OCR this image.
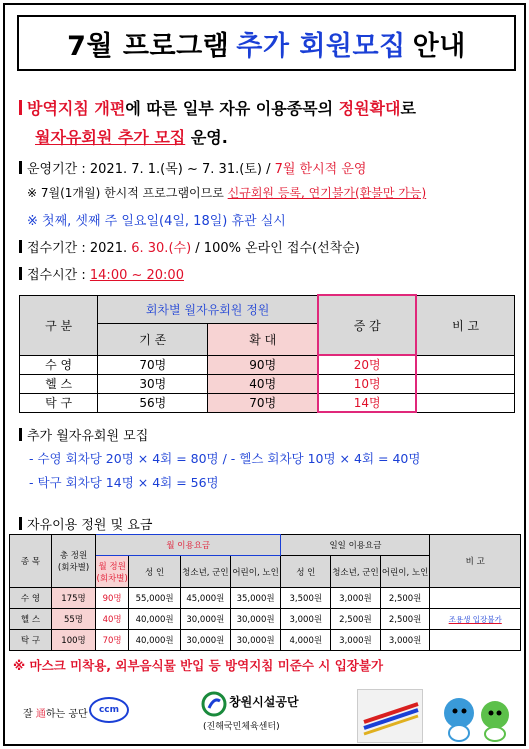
7월 프로그램 추가 회원모집 안내
방역지침 개편에 따른 일부 자유 이용종목의 정원확대로
월자유회원 추가 모집 운영.
운영기간 : 2021. 7. 1.(목) ~ 7. 31.(토) / 7월 한시적 운영
※ 7월(1개월) 한시적 프로그램이므로 신규회원 등록, 연기불가(환불만 가능)
※ 첫째, 셋째 주 일요일(4일, 18일) 휴관 실시
접수기간 : 2021. 6. 30.(수) / 100% 온라인 접수(선착순)
접수시간 : 14:00 ~ 20:00
구 분	회차별 월자유회원 정원		증 감	비 고
	기 존	확 대		
수 영	70명	90명	20명	
헬 스	30명	40명	10명	
탁 구	56명	70명	14명	
추가 월자유회원 모집
- 수영 회차당 20명 × 4회 = 80명 / - 헬스 회차당 10명 × 4회 = 40명
- 탁구 회차당 14명 × 4회 = 56명
자유이용 정원 및 요금
종 목	총 정원
(회차별)	월 이용요금				일일 이용요금			비 고
		월 정원
(회차별)	성 인	청소년, 군인	어린이, 노인	성 인	청소년, 군인	어린이, 노인	
수 영	175명	90명	55,000원	45,000원	35,000원	3,500원	3,000원	2,500원	
헬 스	55명	40명	40,000원	30,000원	30,000원	3,000원	2,500원	2,500원	조용생 입장불가
탁 구	100명	70명	40,000원	30,000원	30,000원	4,000원	3,000원	3,000원	
※ 마스크 미착용, 외부음식물 반입 등 방역지침 미준수 시 입장불가
잘 通하는 공단	ccm
창원시설공단
(진해국민체육센터)
